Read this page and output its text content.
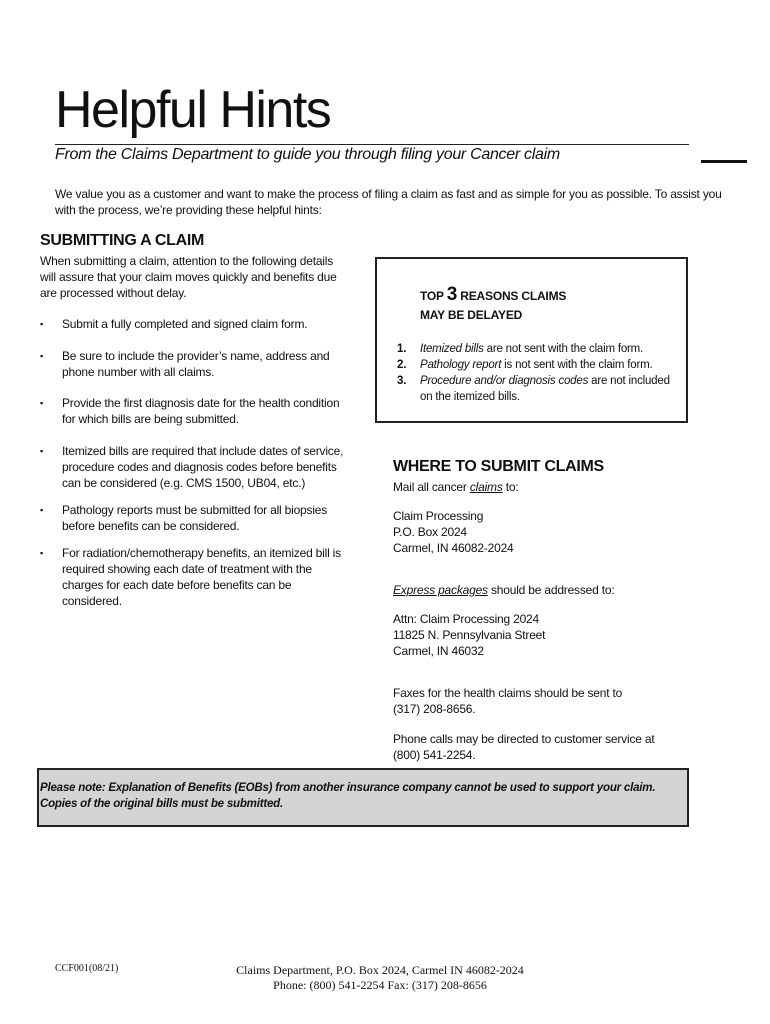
Helpful Hints
From the Claims Department to guide you through filing your Cancer claim
We value you as a customer and want to make the process of filing a claim as fast and as simple for you as possible. To assist you with the process, we’re providing these helpful hints:
SUBMITTING A CLAIM
When submitting a claim, attention to the following details will assure that your claim moves quickly and benefits due are processed without delay.
▪ Submit a fully completed and signed claim form.
▪ Be sure to include the provider’s name, address and phone number with all claims.
▪ Provide the first diagnosis date for the health condition for which bills are being submitted.
▪ Itemized bills are required that include dates of service, procedure codes and diagnosis codes before benefits can be considered (e.g. CMS 1500, UB04, etc.)
▪ Pathology reports must be submitted for all biopsies before benefits can be considered.
▪ For radiation/chemotherapy benefits, an itemized bill is required showing each date of treatment with the charges for each date before benefits can be considered.
TOP 3 REASONS CLAIMS
MAY BE DELAYED
1. Itemized bills are not sent with the claim form.
2. Pathology report is not sent with the claim form.
3. Procedure and/or diagnosis codes are not included on the itemized bills.
WHERE TO SUBMIT CLAIMS
Mail all cancer claims to:
Claim Processing
P.O. Box 2024
Carmel, IN 46082-2024
Express packages should be addressed to:
Attn: Claim Processing 2024
11825 N. Pennsylvania Street
Carmel, IN 46032
Faxes for the health claims should be sent to
(317) 208-8656.
Phone calls may be directed to customer service at
(800) 541-2254.
Please note: Explanation of Benefits (EOBs) from another insurance company cannot be used to support your claim. Copies of the original bills must be submitted.
CCF001(08/21)	Claims Department, P.O. Box 2024, Carmel IN 46082-2024
Phone: (800) 541-2254 Fax: (317) 208-8656
